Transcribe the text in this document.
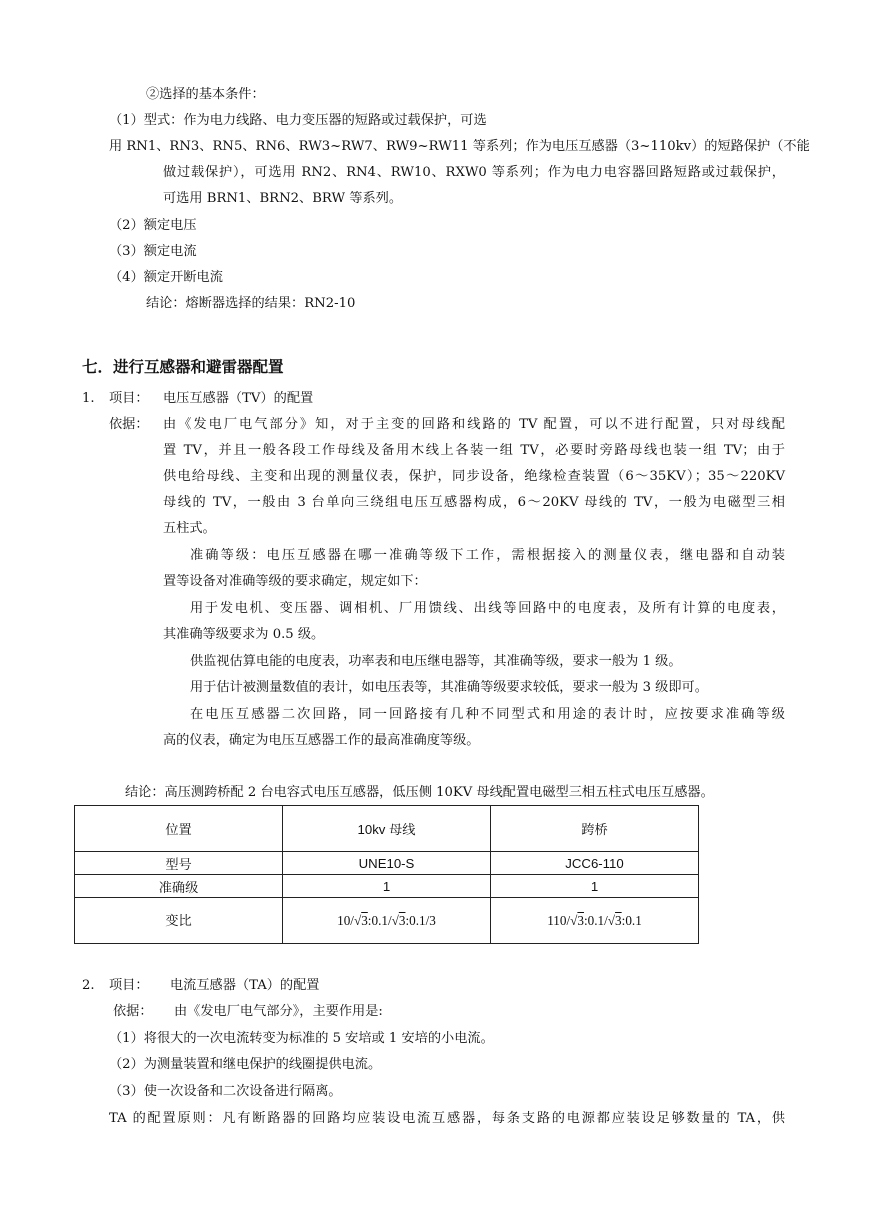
②选择的基本条件：
（1）型式：作为电力线路、电力变压器的短路或过载保护，可选
用 RN1、RN3、RN5、RN6、RW3~RW7、RW9~RW11 等系列；作为电压互感器（3~110kv）的短路保护（不能
做过载保护），可选用 RN2、RN4、RW10、RXW0 等系列；作为电力电容器回路短路或过载保护，
可选用 BRN1、BRN2、BRW 等系列。
（2）额定电压
（3）额定电流
（4）额定开断电流
结论：熔断器选择的结果：RN2-10
七．进行互感器和避雷器配置
1. 项目： 电压互感器（TV）的配置
依据： 由《发电厂电气部分》知，对于主变的回路和线路的 TV 配置，可以不进行配置，只对母线配
置 TV，并且一般各段工作母线及备用木线上各装一组 TV，必要时旁路母线也装一组 TV；由于
供电给母线、主变和出现的测量仪表，保护，同步设备，绝缘检查装置（6～35KV）；35～220KV
母线的 TV，一般由 3 台单向三绕组电压互感器构成，6～20KV 母线的 TV，一般为电磁型三相
五柱式。
准确等级：电压互感器在哪一准确等级下工作，需根据接入的测量仪表，继电器和自动装
置等设备对准确等级的要求确定，规定如下：
用于发电机、变压器、调相机、厂用馈线、出线等回路中的电度表，及所有计算的电度表，
其准确等级要求为 0.5 级。
供监视估算电能的电度表，功率表和电压继电器等，其准确等级，要求一般为 1 级。
用于估计被测量数值的表计，如电压表等，其准确等级要求较低，要求一般为 3 级即可。
在电压互感器二次回路，同一回路接有几种不同型式和用途的表计时，应按要求准确等级
高的仪表，确定为电压互感器工作的最高准确度等级。
结论：高压测跨桥配 2 台电容式电压互感器，低压侧 10KV 母线配置电磁型三相五柱式电压互感器。
位置	10kv 母线	跨桥
型号	UNE10-S	JCC6-110
准确级	1	1
变比	10/√3:0.1/√3:0.1/3	110/√3:0.1/√3:0.1
2. 项目： 电流互感器（TA）的配置
依据： 由《发电厂电气部分》，主要作用是:
（1）将很大的一次电流转变为标准的 5 安培或 1 安培的小电流。
（2）为测量装置和继电保护的线圈提供电流。
（3）使一次设备和二次设备进行隔离。
TA 的配置原则：凡有断路器的回路均应装设电流互感器，每条支路的电源都应装设足够数量的 TA，供
